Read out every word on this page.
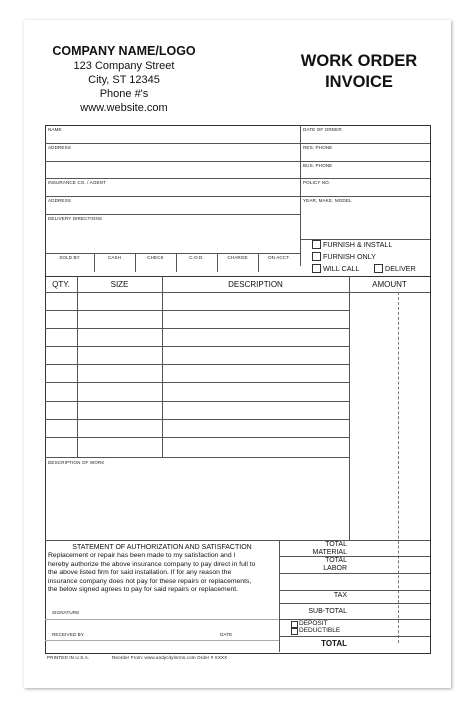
COMPANY NAME/LOGO
123 Company Street
City, ST 12345
Phone #'s
www.website.com
WORK ORDER
INVOICE
NAME	DATE OF ORDER
ADDRESS	RES. PHONE
BUS. PHONE
INSURANCE CO. / AGENT	POLICY NO.
ADDRESS	YEAR, MAKE, MODEL
DELIVERY DIRECTIONS
SOLD BY	CASH	CHECK	C.O.D.	CHARGE	ON ACCT.
FURNISH & INSTALL
FURNISH ONLY
WILL CALL	DELIVER
QTY.	SIZE	DESCRIPTION	AMOUNT
DESCRIPTION OF WORK
STATEMENT OF AUTHORIZATION AND SATISFACTION
Replacement or repair has been made to my satisfaction and I
hereby authorize the above insurance company to pay direct in full to
the above listed firm for said installation. If for any reason the
insurance company does not pay for these repairs or replacements,
the below signed agrees to pay for said repairs or replacement.
SIGNATURE
RECEIVED BY	DATE
TOTAL
MATERIAL
TOTAL
LABOR
TAX
SUB-TOTAL
DEPOSIT
DEDUCTIBLE
TOTAL
PRINTED IN U.S.A.	Reorder From: www.andycitylorms.com Order # XXXX
